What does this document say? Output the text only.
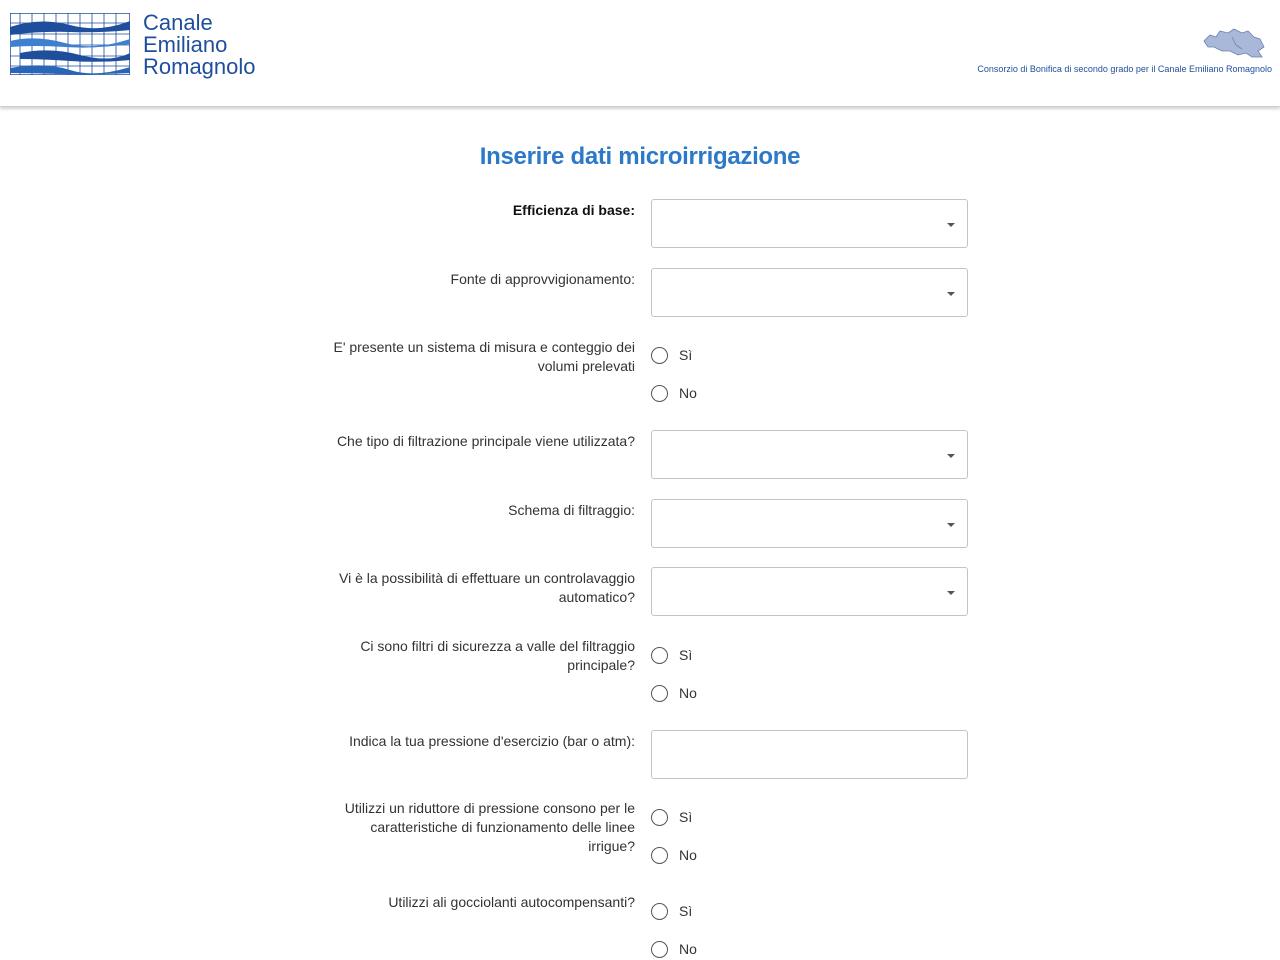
Canale
Emiliano
Romagnolo	Consorzio di Bonifica di secondo grado per il Canale Emiliano Romagnolo
Inserire dati microirrigazione
Efficienza di base:
Fonte di approvvigionamento:
E' presente un sistema di misura e conteggio dei
volumi prelevati
Sì
No
Che tipo di filtrazione principale viene utilizzata?
Schema di filtraggio:
Vi è la possibilità di effettuare un controlavaggio
automatico?
Ci sono filtri di sicurezza a valle del filtraggio
principale?
Sì
No
Indica la tua pressione d'esercizio (bar o atm):
Utilizzi un riduttore di pressione consono per le
caratteristiche di funzionamento delle linee
irrigue?
Sì
No
Utilizzi ali gocciolanti autocompensanti?
Sì
No
